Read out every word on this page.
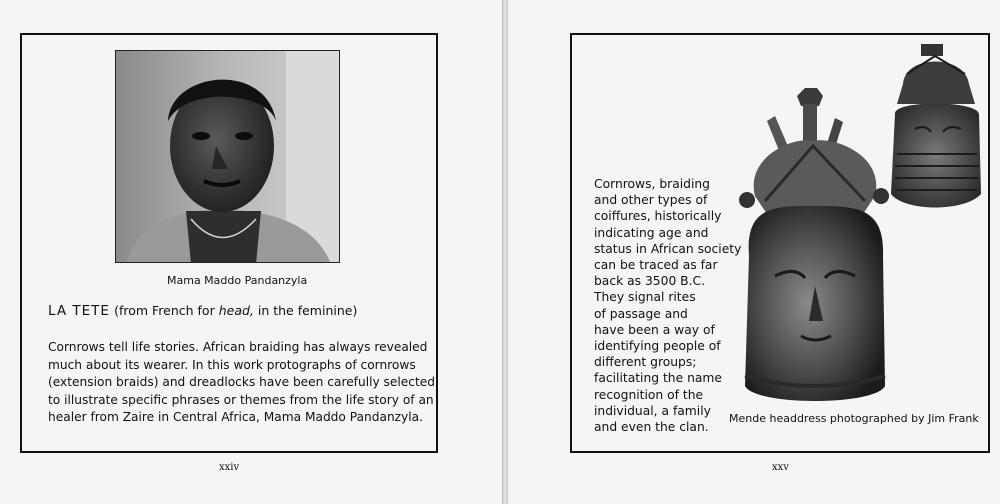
Mama Maddo Pandanzyla
LA TETE (from French for head, in the feminine)
Cornrows tell life stories. African braiding has always revealed
much about its wearer. In this work protographs of cornrows
(extension braids) and dreadlocks have been carefully selected
to illustrate specific phrases or themes from the life story of an
healer from Zaire in Central Africa, Mama Maddo Pandanzyla.
xxiv
Cornrows, braiding
and other types of
coiffures, historically
indicating age and
status in African society
can be traced as far
back as 3500 B.C.
They signal rites
of passage and
have been a way of
identifying people of
different groups;
facilitating the name
recognition of the
individual, a family
and even the clan.
Mende headdress photographed by Jim Frank
xxv
